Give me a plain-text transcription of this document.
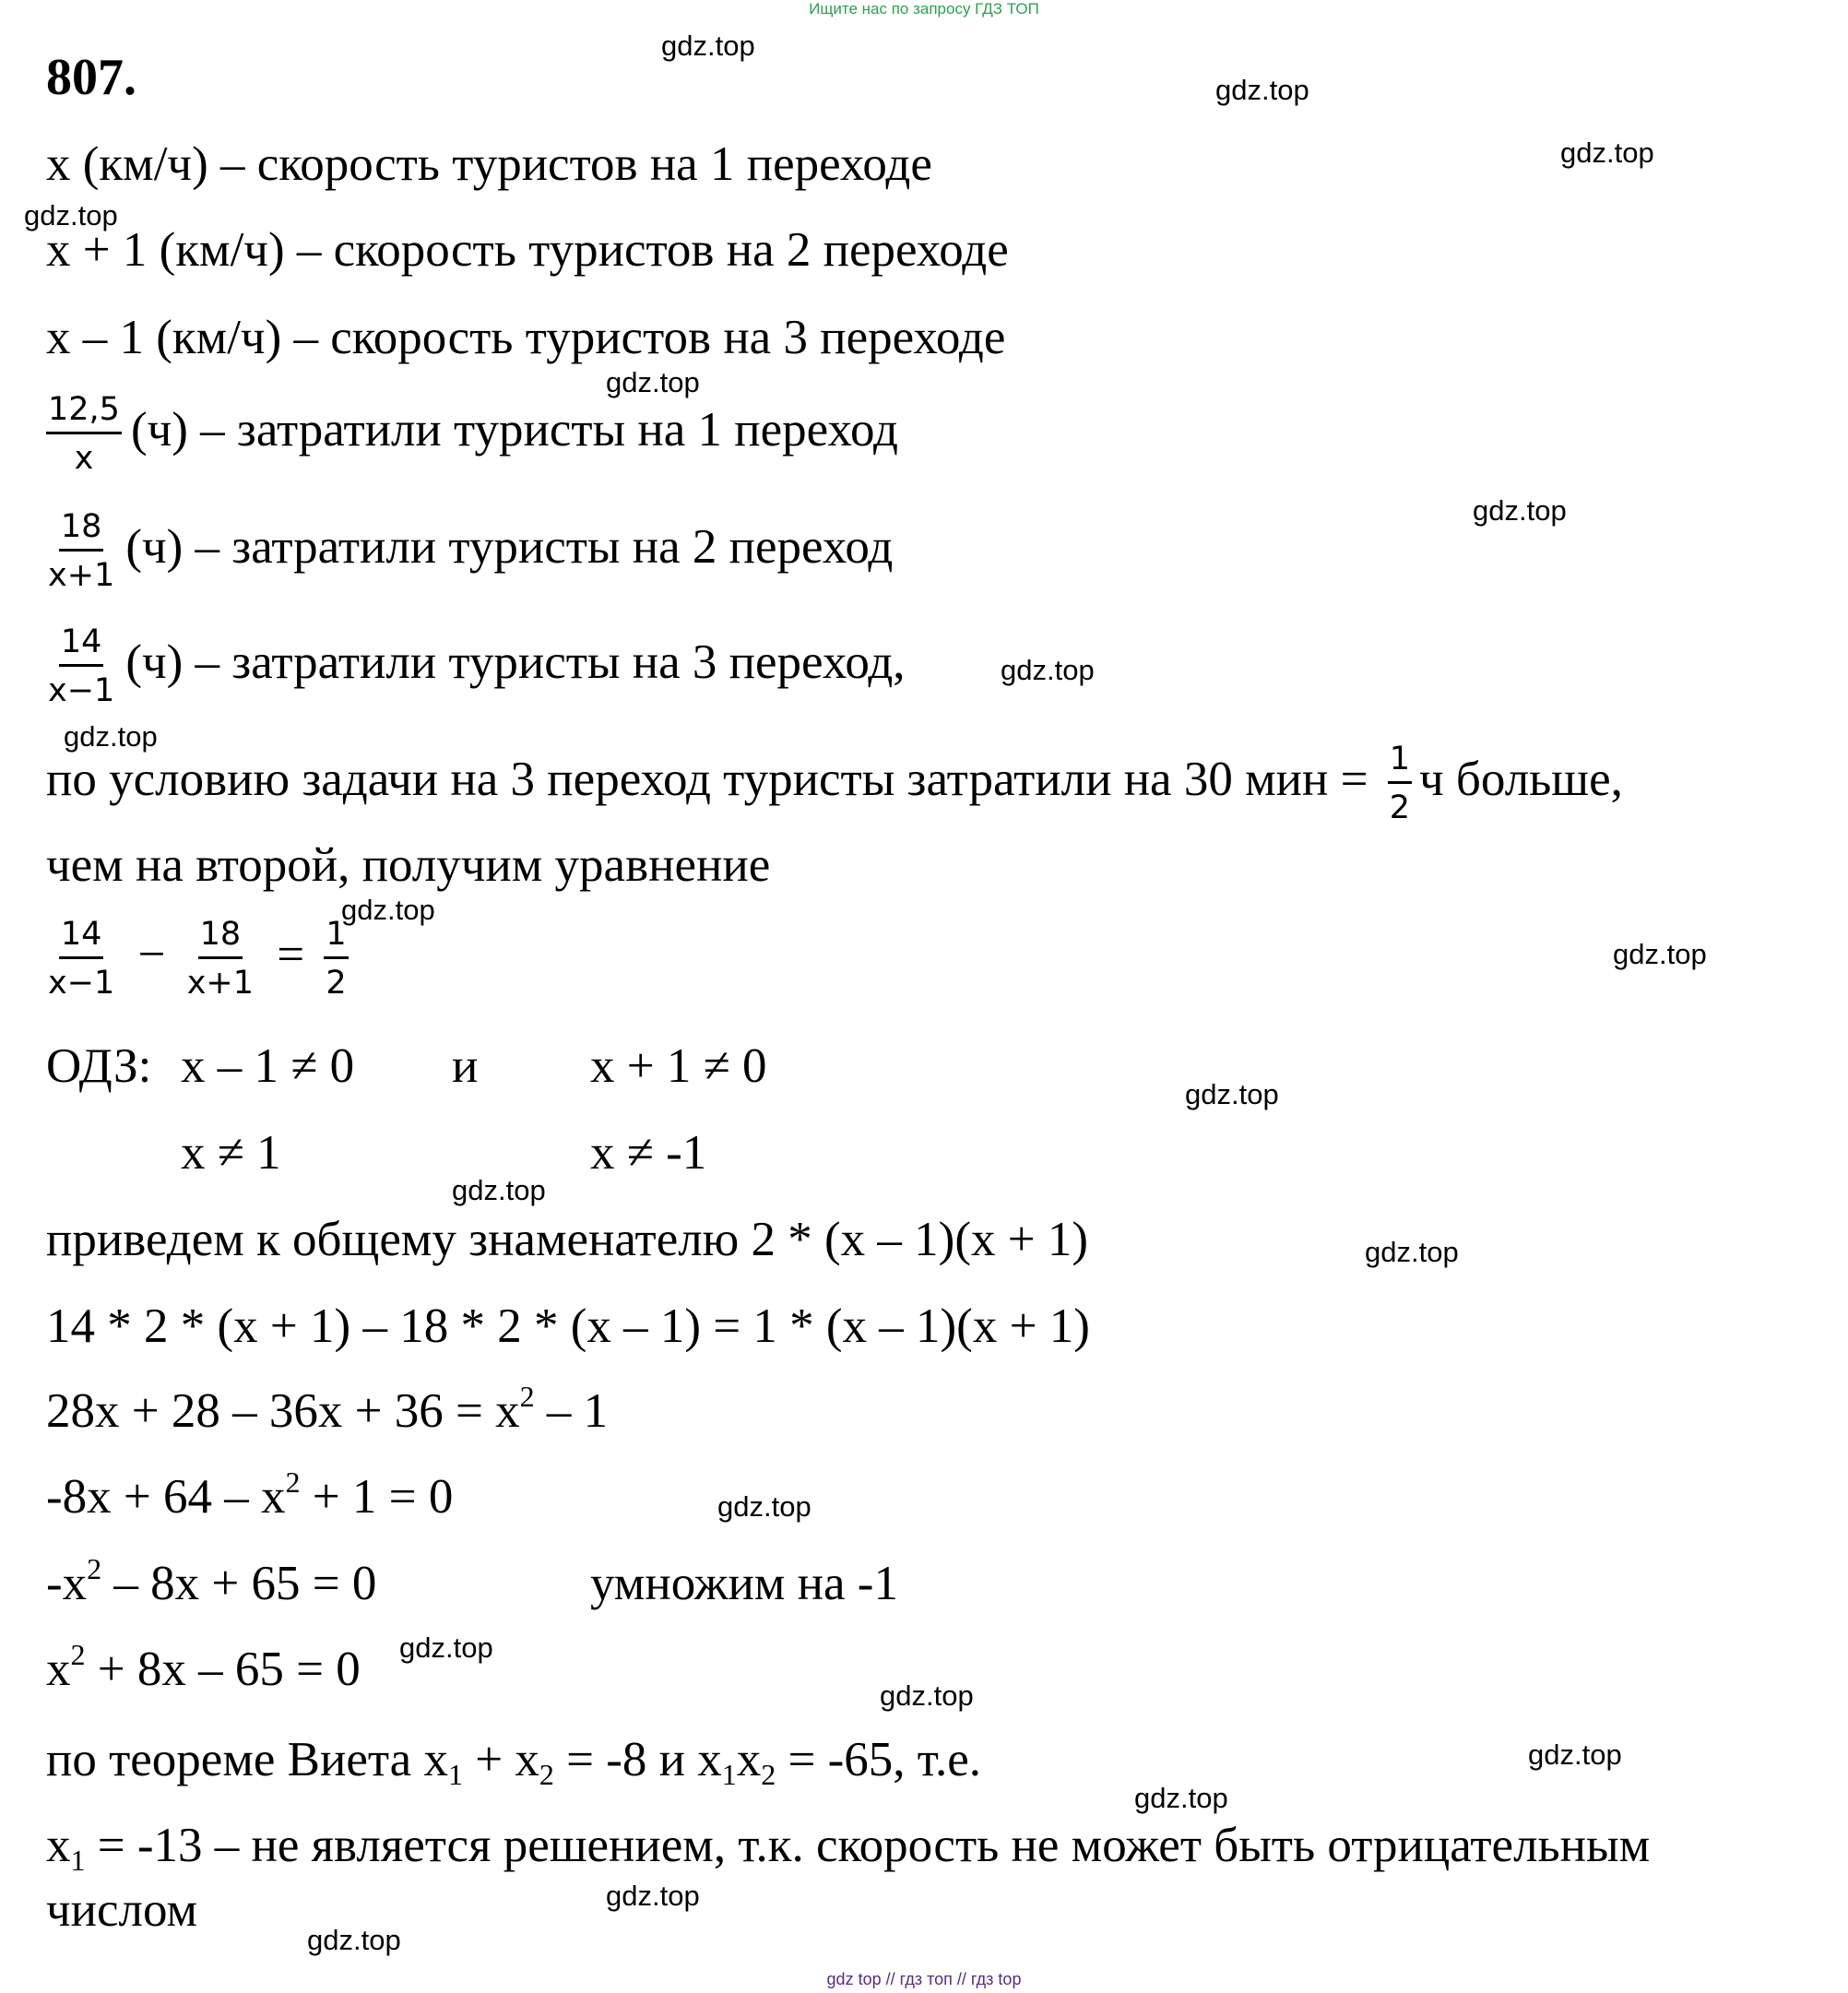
Ищите нас по запросу ГДЗ ТОП
gdz.top
gdz.top
gdz.top
gdz.top
gdz.top
gdz.top
gdz.top
gdz.top
gdz.top
gdz.top
gdz.top
gdz.top
gdz.top
gdz.top
gdz.top
gdz.top
gdz.top
gdz.top
gdz.top
gdz.top
807.
x (км/ч) – скорость туристов на 1 переходе
x + 1 (км/ч) – скорость туристов на 2 переходе
x – 1 (км/ч) – скорость туристов на 3 переходе
$\frac{12,5}{x} (ч)$ – затратили туристы на 1 переход
$\frac{18}{x+1} (ч)$ – затратили туристы на 2 переход
$\frac{14}{x-1} (ч)$ – затратили туристы на 3 переход,
по условию задачи на 3 переход туристы затратили на 30 мин = $\frac{1}{2}$ ч больше,
чем на второй, получим уравнение
$\frac{14}{x-1} - \frac{18}{x+1} = \frac{1}{2}$
ОДЗ: x – 1 ≠ 0 и x + 1 ≠ 0
x ≠ 1	x ≠ -1
приведем к общему знаменателю 2 * (x – 1)(x + 1)
14 * 2 * (x + 1) – 18 * 2 * (x – 1) = 1 * (x – 1)(x + 1)
$28x + 28 - 36x + 36 = x^2 - 1$
$-8x + 64 - x^2 + 1 = 0$
$-x^2 - 8x + 65 = 0$	умножим на -1
$x^2 + 8x - 65 = 0$
по теореме Виета $x_1 + x_2 = -8$ и $x_1x_2 = -65$, т.е.
$x_1 = -13$ – не является решением, т.к. скорость не может быть отрицательным
числом
gdz top // гдз топ // гдз top
